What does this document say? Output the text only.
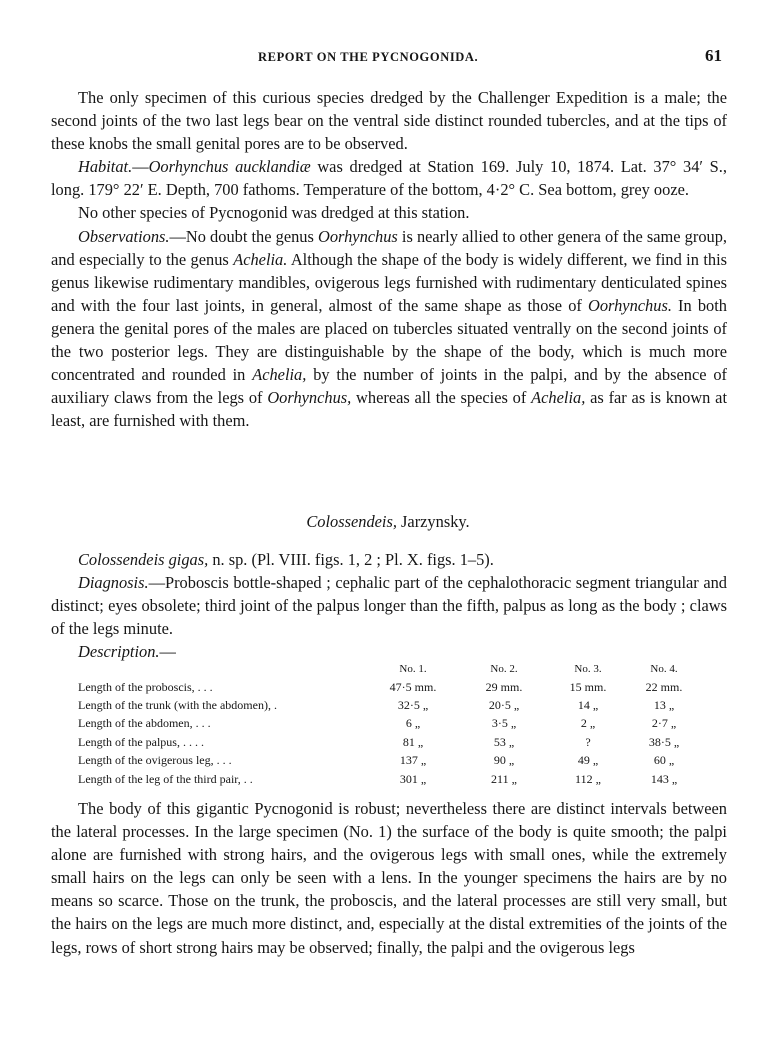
REPORT ON THE PYCNOGONIDA.	61

The only specimen of this curious species dredged by the Challenger Expedition is a male; the second joints of the two last legs bear on the ventral side distinct rounded tubercles, and at the tips of these knobs the small genital pores are to be observed.

Habitat.—Oorhynchus aucklandiæ was dredged at Station 169. July 10, 1874. Lat. 37° 34′ S., long. 179° 22′ E. Depth, 700 fathoms. Temperature of the bottom, 4·2° C. Sea bottom, grey ooze.

No other species of Pycnogonid was dredged at this station.

Observations.—No doubt the genus Oorhynchus is nearly allied to other genera of the same group, and especially to the genus Achelia. Although the shape of the body is widely different, we find in this genus likewise rudimentary mandibles, ovigerous legs furnished with rudimentary denticulated spines and with the four last joints, in general, almost of the same shape as those of Oorhynchus. In both genera the genital pores of the males are placed on tubercles situated ventrally on the second joints of the two posterior legs. They are distinguishable by the shape of the body, which is much more concentrated and rounded in Achelia, by the number of joints in the palpi, and by the absence of auxiliary claws from the legs of Oorhynchus, whereas all the species of Achelia, as far as is known at least, are furnished with them.

Colossendeis, Jarzynsky.

Colossendeis gigas, n. sp. (Pl. VIII. figs. 1, 2 ; Pl. X. figs. 1–5).

Diagnosis.—Proboscis bottle-shaped ; cephalic part of the cephalothoracic segment triangular and distinct; eyes obsolete; third joint of the palpus longer than the fifth, palpus as long as the body ; claws of the legs minute.

Description.—

	No. 1.	No. 2.	No. 3.	No. 4.
Length of the proboscis, . . .	47·5 mm.	29 mm.	15 mm.	22 mm.
Length of the trunk (with the abdomen), .	32·5 „	20·5 „	14 „	13 „
Length of the abdomen, . . .	6 „	3·5 „	2 „	2·7 „
Length of the palpus, . . . .	81 „	53 „	?	38·5 „
Length of the ovigerous leg, . . .	137 „	90 „	49 „	60 „
Length of the leg of the third pair, . .	301 „	211 „	112 „	143 „

The body of this gigantic Pycnogonid is robust; nevertheless there are distinct intervals between the lateral processes. In the large specimen (No. 1) the surface of the body is quite smooth; the palpi alone are furnished with strong hairs, and the ovigerous legs with small ones, while the extremely small hairs on the legs can only be seen with a lens. In the younger specimens the hairs are by no means so scarce. Those on the trunk, the proboscis, and the lateral processes are still very small, but the hairs on the legs are much more distinct, and, especially at the distal extremities of the joints of the legs, rows of short strong hairs may be observed; finally, the palpi and the ovigerous legs
